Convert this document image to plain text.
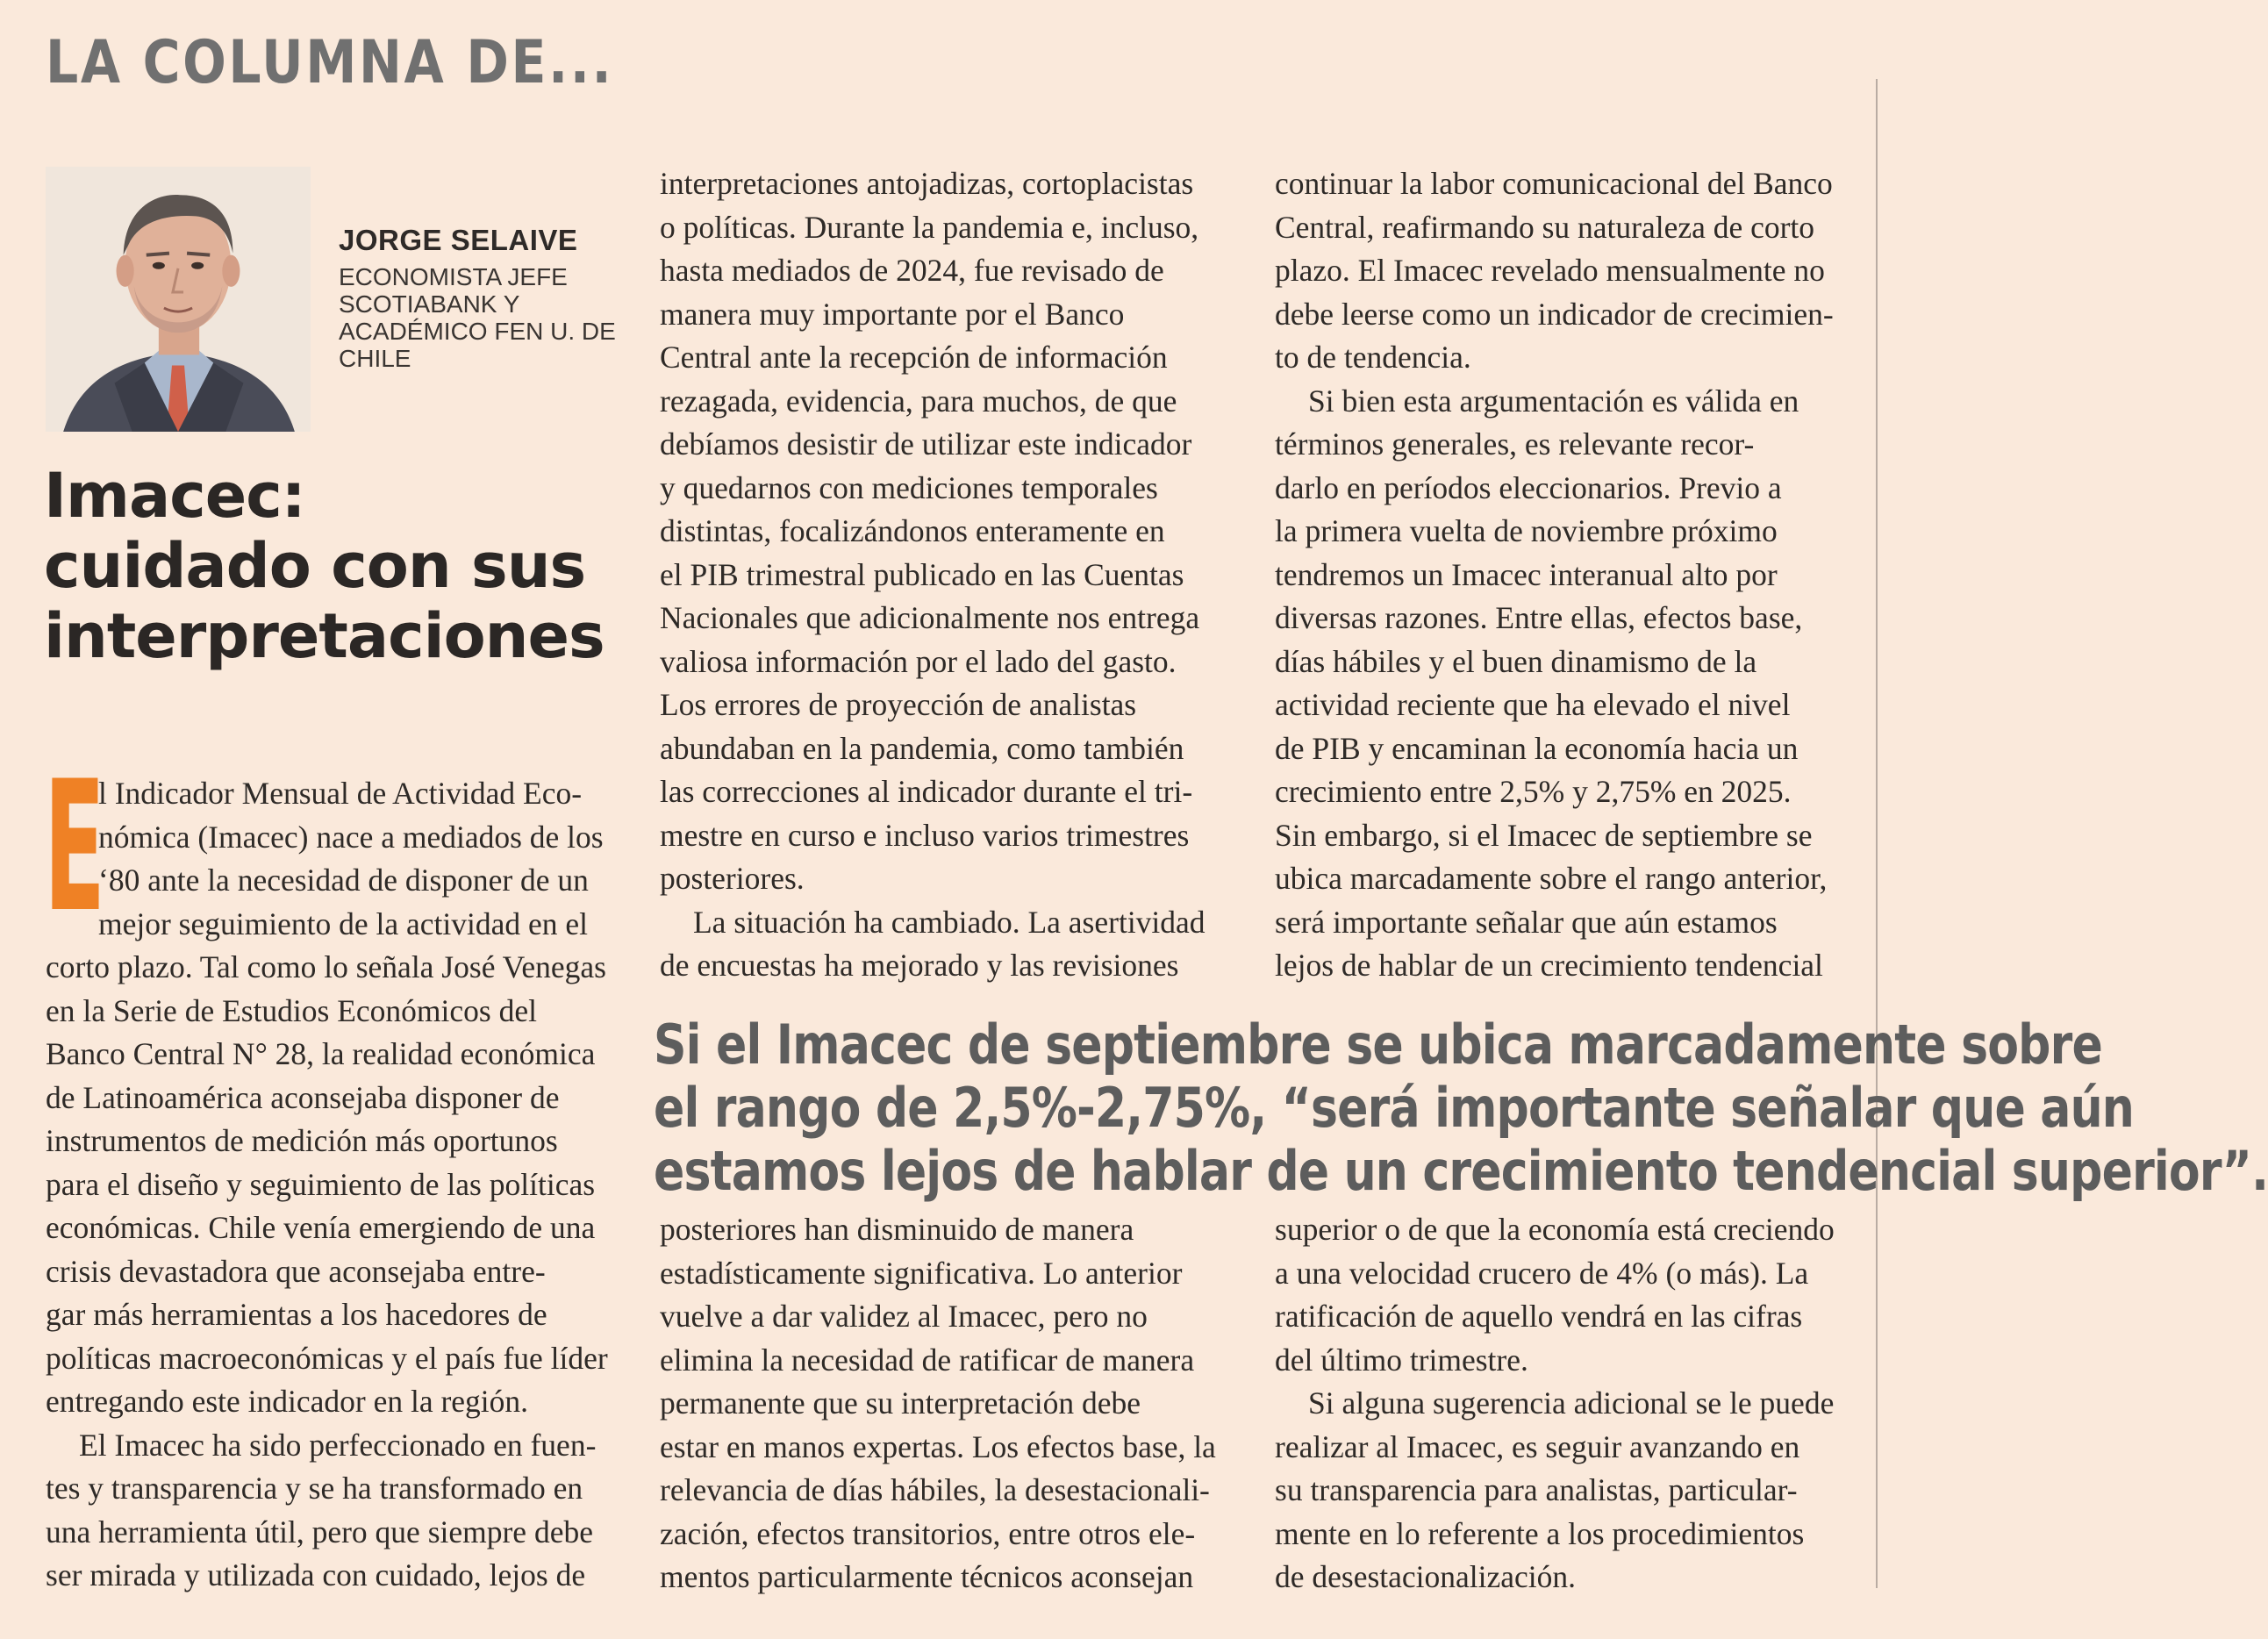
LA COLUMNA DE...
JORGE SELAIVE
ECONOMISTA JEFE
SCOTIABANK Y
ACADÉMICO FEN U. DE
CHILE
Imacec:
cuidado con sus
interpretaciones
E
l Indicador Mensual de Actividad Eco-
nómica (Imacec) nace a mediados de los
‘80 ante la necesidad de disponer de un
mejor seguimiento de la actividad en el
corto plazo. Tal como lo señala José Venegas
en la Serie de Estudios Económicos del
Banco Central N° 28, la realidad económica
de Latinoamérica aconsejaba disponer de
instrumentos de medición más oportunos
para el diseño y seguimiento de las políticas
económicas. Chile venía emergiendo de una
crisis devastadora que aconsejaba entre-
gar más herramientas a los hacedores de
políticas macroeconómicas y el país fue líder
entregando este indicador en la región.
El Imacec ha sido perfeccionado en fuen-
tes y transparencia y se ha transformado en
una herramienta útil, pero que siempre debe
ser mirada y utilizada con cuidado, lejos de
interpretaciones antojadizas, cortoplacistas
o políticas. Durante la pandemia e, incluso,
hasta mediados de 2024, fue revisado de
manera muy importante por el Banco
Central ante la recepción de información
rezagada, evidencia, para muchos, de que
debíamos desistir de utilizar este indicador
y quedarnos con mediciones temporales
distintas, focalizándonos enteramente en
el PIB trimestral publicado en las Cuentas
Nacionales que adicionalmente nos entrega
valiosa información por el lado del gasto.
Los errores de proyección de analistas
abundaban en la pandemia, como también
las correcciones al indicador durante el tri-
mestre en curso e incluso varios trimestres
posteriores.
La situación ha cambiado. La asertividad
de encuestas ha mejorado y las revisiones
continuar la labor comunicacional del Banco
Central, reafirmando su naturaleza de corto
plazo. El Imacec revelado mensualmente no
debe leerse como un indicador de crecimien-
to de tendencia.
Si bien esta argumentación es válida en
términos generales, es relevante recor-
darlo en períodos eleccionarios. Previo a
la primera vuelta de noviembre próximo
tendremos un Imacec interanual alto por
diversas razones. Entre ellas, efectos base,
días hábiles y el buen dinamismo de la
actividad reciente que ha elevado el nivel
de PIB y encaminan la economía hacia un
crecimiento entre 2,5% y 2,75% en 2025.
Sin embargo, si el Imacec de septiembre se
ubica marcadamente sobre el rango anterior,
será importante señalar que aún estamos
lejos de hablar de un crecimiento tendencial
posteriores han disminuido de manera
estadísticamente significativa. Lo anterior
vuelve a dar validez al Imacec, pero no
elimina la necesidad de ratificar de manera
permanente que su interpretación debe
estar en manos expertas. Los efectos base, la
relevancia de días hábiles, la desestacionali-
zación, efectos transitorios, entre otros ele-
mentos particularmente técnicos aconsejan
superior o de que la economía está creciendo
a una velocidad crucero de 4% (o más). La
ratificación de aquello vendrá en las cifras
del último trimestre.
Si alguna sugerencia adicional se le puede
realizar al Imacec, es seguir avanzando en
su transparencia para analistas, particular-
mente en lo referente a los procedimientos
de desestacionalización.
Si el Imacec de septiembre se ubica marcadamente sobre
el rango de 2,5%-2,75%, “será importante señalar que aún
estamos lejos de hablar de un crecimiento tendencial superior”.
